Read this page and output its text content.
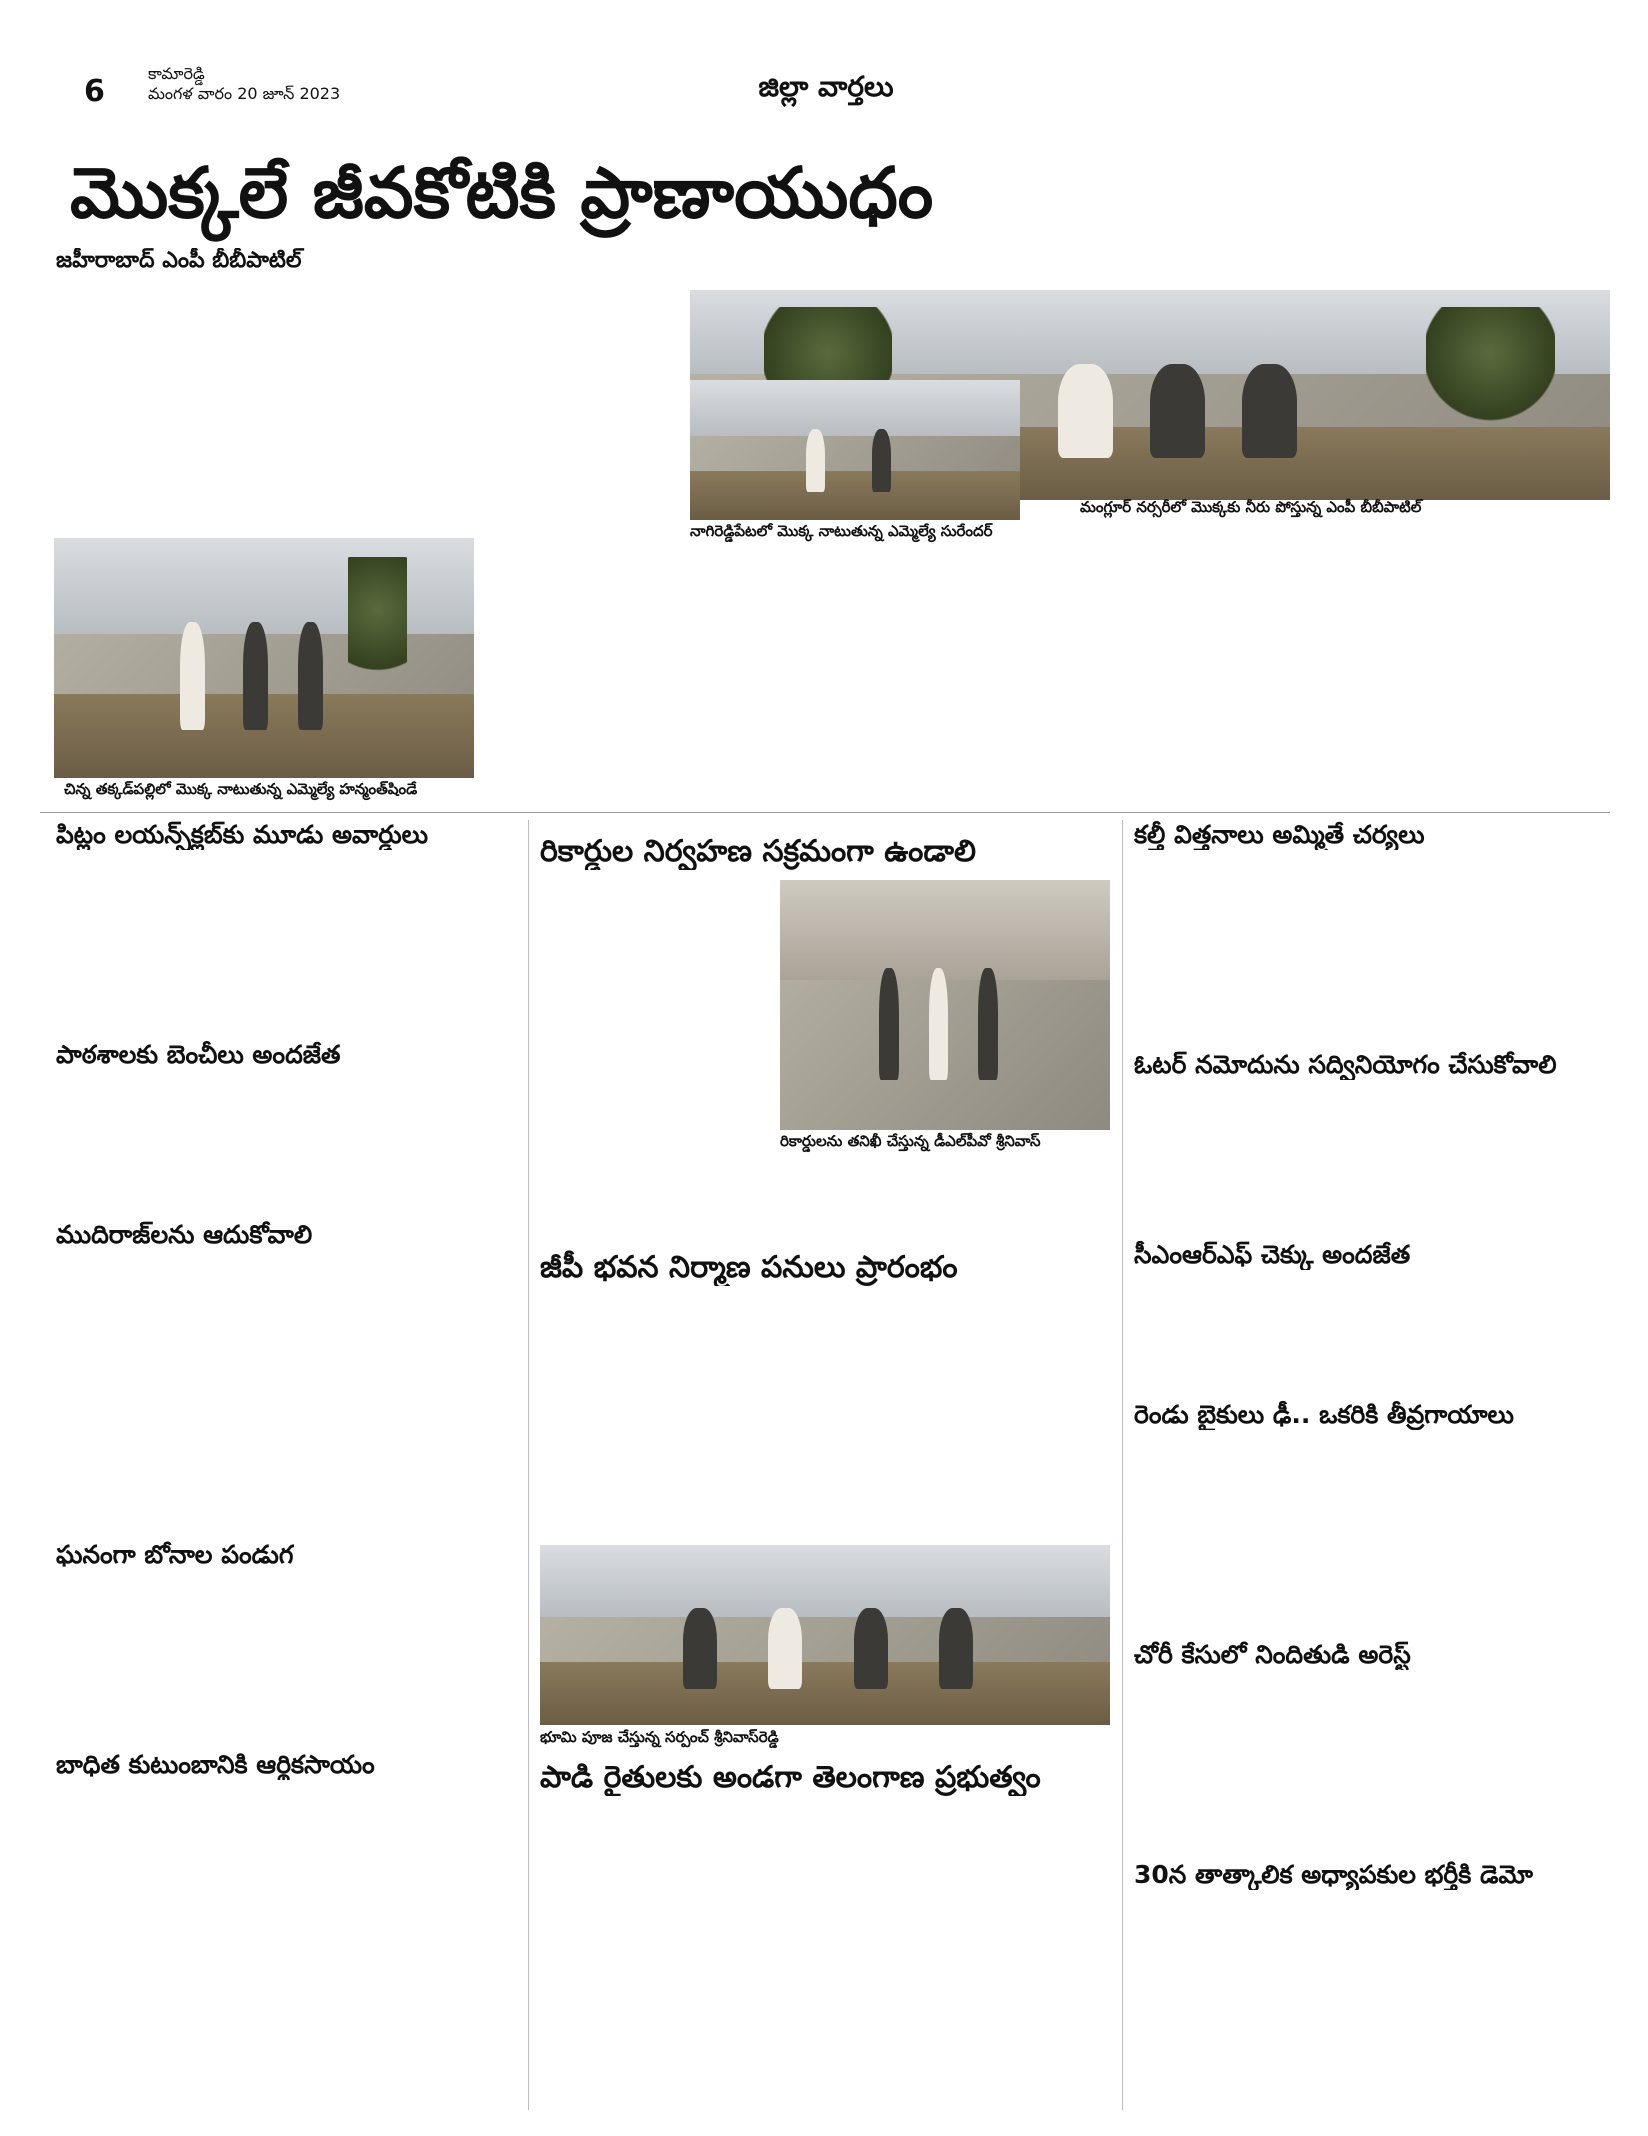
6
కామారెడ్డి
మంగళ వారం 20 జూన్ 2023	జిల్లా వార్తలు
మొక్కలే జీవకోటికి ప్రాణాయుధం
జహీరాబాద్ ఎంపీ బీబీపాటిల్
చిన్న తక్కడ్‌పల్లిలో మొక్క నాటుతున్న ఎమ్మెల్యే హన్మంత్‌షిండే
మంగ్లూర్ నర్సరీలో మొక్కకు నీరు పోస్తున్న ఎంపీ బీబీపాటిల్
నాగిరెడ్డిపేటలో మొక్క నాటుతున్న ఎమ్మెల్యే సురేందర్
పిట్లం లయన్స్‌క్లబ్‌కు మూడు అవార్డులు
పాఠశాలకు బెంచీలు అందజేత
ముదిరాజ్‌లను ఆదుకోవాలి
ఘనంగా బోనాల పండుగ
బాధిత కుటుంబానికి ఆర్థికసాయం
రికార్డుల నిర్వహణ సక్రమంగా ఉండాలి
రికార్డులను తనిఖీ చేస్తున్న డీఎల్‌పీవో శ్రీనివాస్
జీపీ భవన నిర్మాణ పనులు ప్రారంభం
భూమి పూజ చేస్తున్న సర్పంచ్ శ్రీనివాస్‌రెడ్డి
పాడి రైతులకు అండగా తెలంగాణ ప్రభుత్వం
కల్తీ విత్తనాలు అమ్మితే చర్యలు
ఓటర్ నమోదును సద్వినియోగం చేసుకోవాలి
సీఎంఆర్ఎఫ్ చెక్కు అందజేత
రెండు బైకులు ఢీ.. ఒకరికి తీవ్రగాయాలు
చోరీ కేసులో నిందితుడి అరెస్ట్
30న తాత్కాలిక అధ్యాపకుల భర్తీకి డెమో
